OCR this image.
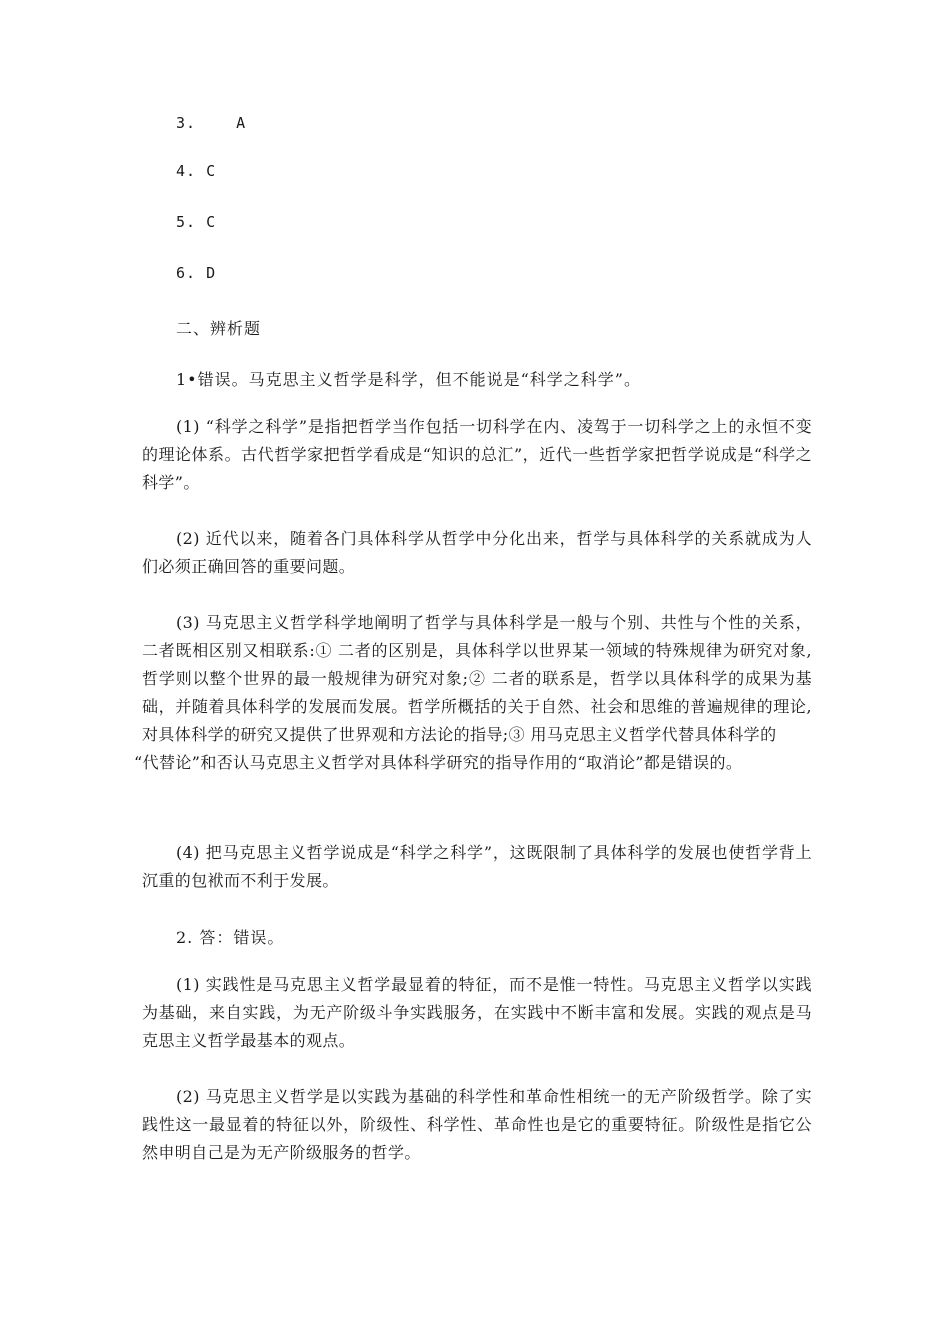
3.    A
4. C
5. C
6. D
二、辨析题
1•错误。马克思主义哲学是科学，但不能说是“科学之科学”。
(1) “科学之科学”是指把哲学当作包括一切科学在内、凌驾于一切科学之上的永恒不变的理论体系。古代哲学家把哲学看成是“知识的总汇”，近代一些哲学家把哲学说成是“科学之科学”。
(2) 近代以来，随着各门具体科学从哲学中分化出来，哲学与具体科学的关系就成为人们必须正确回答的重要问题。
(3) 马克思主义哲学科学地阐明了哲学与具体科学是一般与个别、共性与个性的关系，二者既相区别又相联系:① 二者的区别是，具体科学以世界某一领域的特殊规律为研究对象,哲学则以整个世界的最一般规律为研究对象;② 二者的联系是，哲学以具体科学的成果为基础，并随着具体科学的发展而发展。哲学所概括的关于自然、社会和思维的普遍规律的理论,对具体科学的研究又提供了世界观和方法论的指导;③ 用马克思主义哲学代替具体科学的
“代替论”和否认马克思主义哲学对具体科学研究的指导作用的“取消论”都是错误的。
(4) 把马克思主义哲学说成是“科学之科学”，这既限制了具体科学的发展也使哲学背上沉重的包袱而不利于发展。
2. 答：错误。
(1) 实践性是马克思主义哲学最显着的特征，而不是惟一特性。马克思主义哲学以实践为基础，来自实践，为无产阶级斗争实践服务，在实践中不断丰富和发展。实践的观点是马克思主义哲学最基本的观点。
(2) 马克思主义哲学是以实践为基础的科学性和革命性相统一的无产阶级哲学。除了实践性这一最显着的特征以外，阶级性、科学性、革命性也是它的重要特征。阶级性是指它公然申明自己是为无产阶级服务的哲学。
